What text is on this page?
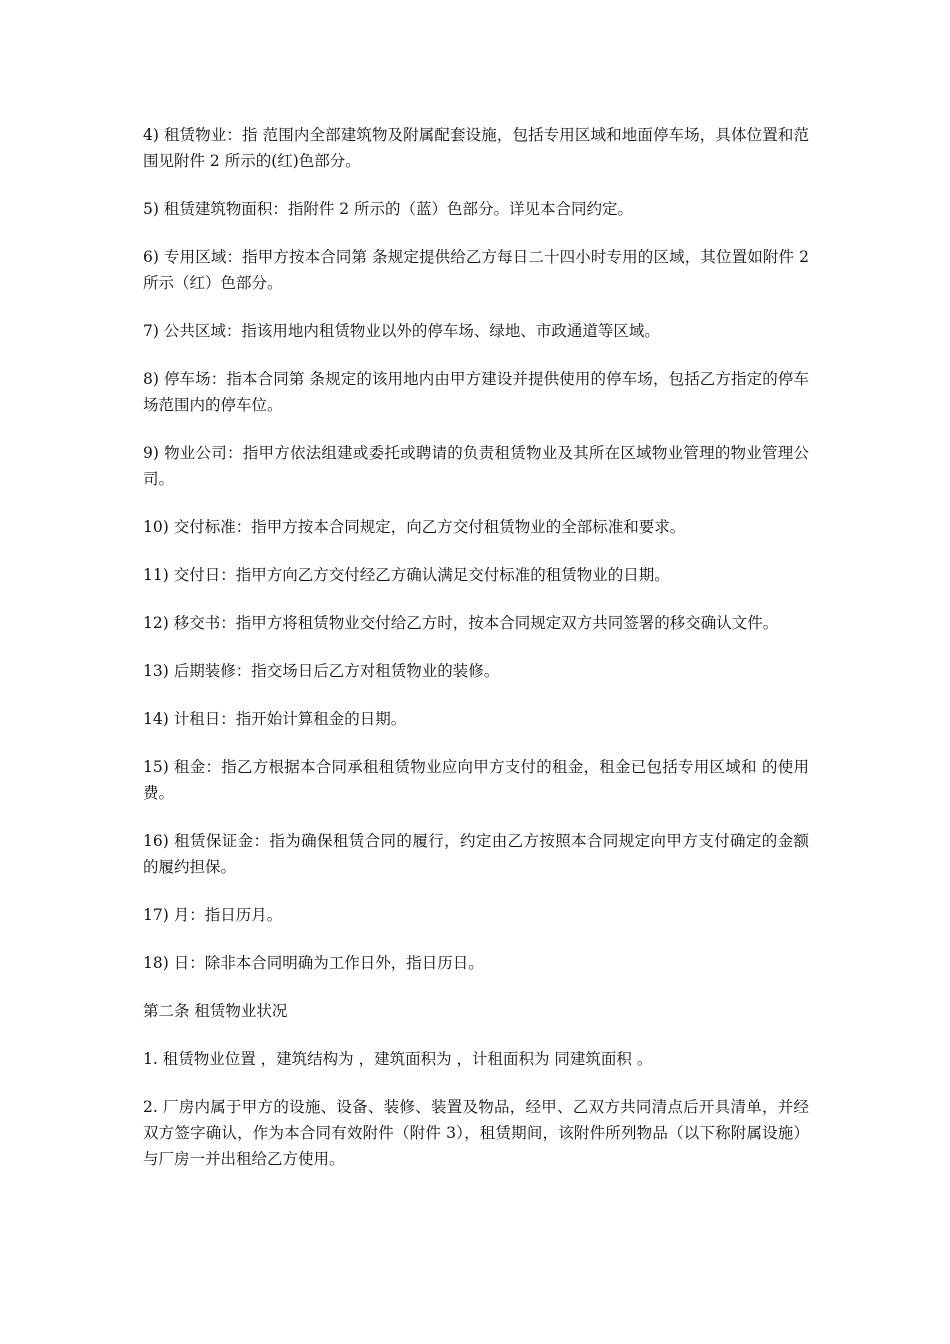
4) 租赁物业：指 范围内全部建筑物及附属配套设施，包括专用区域和地面停车场，具体位置和范围见附件 2 所示的(红)色部分。

5) 租赁建筑物面积：指附件 2 所示的（蓝）色部分。详见本合同约定。

6) 专用区域：指甲方按本合同第 条规定提供给乙方每日二十四小时专用的区域，其位置如附件 2 所示（红）色部分。

7) 公共区域：指该用地内租赁物业以外的停车场、绿地、市政通道等区域。

8) 停车场：指本合同第 条规定的该用地内由甲方建设并提供使用的停车场，包括乙方指定的停车场范围内的停车位。

9) 物业公司：指甲方依法组建或委托或聘请的负责租赁物业及其所在区域物业管理的物业管理公司。

10) 交付标准：指甲方按本合同规定，向乙方交付租赁物业的全部标准和要求。

11) 交付日：指甲方向乙方交付经乙方确认满足交付标准的租赁物业的日期。

12) 移交书：指甲方将租赁物业交付给乙方时，按本合同规定双方共同签署的移交确认文件。

13) 后期装修：指交场日后乙方对租赁物业的装修。

14) 计租日：指开始计算租金的日期。

15) 租金：指乙方根据本合同承租租赁物业应向甲方支付的租金，租金已包括专用区域和 的使用费。

16) 租赁保证金：指为确保租赁合同的履行，约定由乙方按照本合同规定向甲方支付确定的金额的履约担保。

17) 月：指日历月。

18) 日：除非本合同明确为工作日外，指日历日。

第二条 租赁物业状况

1. 租赁物业位置 ，建筑结构为 ，建筑面积为 ，计租面积为 同建筑面积 。

2. 厂房内属于甲方的设施、设备、装修、装置及物品，经甲、乙双方共同清点后开具清单，并经双方签字确认，作为本合同有效附件（附件 3），租赁期间，该附件所列物品（以下称附属设施）与厂房一并出租给乙方使用。
